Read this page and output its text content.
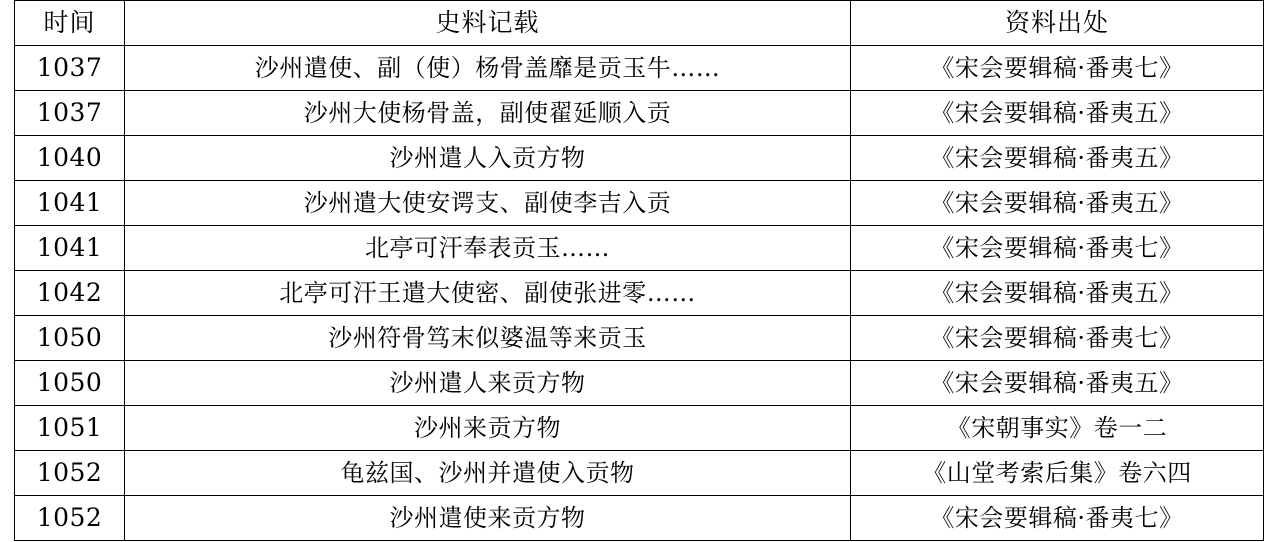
时间	史料记载	资料出处
1037	沙州遣使、副（使）杨骨盖靡是贡玉牛……	《宋会要辑稿·番夷七》
1037	沙州大使杨骨盖，副使翟延顺入贡	《宋会要辑稿·番夷五》
1040	沙州遣人入贡方物	《宋会要辑稿·番夷五》
1041	沙州遣大使安谔支、副使李吉入贡	《宋会要辑稿·番夷五》
1041	北亭可汗奉表贡玉……	《宋会要辑稿·番夷七》
1042	北亭可汗王遣大使密、副使张进零……	《宋会要辑稿·番夷五》
1050	沙州符骨笃末似婆温等来贡玉	《宋会要辑稿·番夷七》
1050	沙州遣人来贡方物	《宋会要辑稿·番夷五》
1051	沙州来贡方物	《宋朝事实》卷一二
1052	龟兹国、沙州并遣使入贡物	《山堂考索后集》卷六四
1052	沙州遣使来贡方物	《宋会要辑稿·番夷七》
